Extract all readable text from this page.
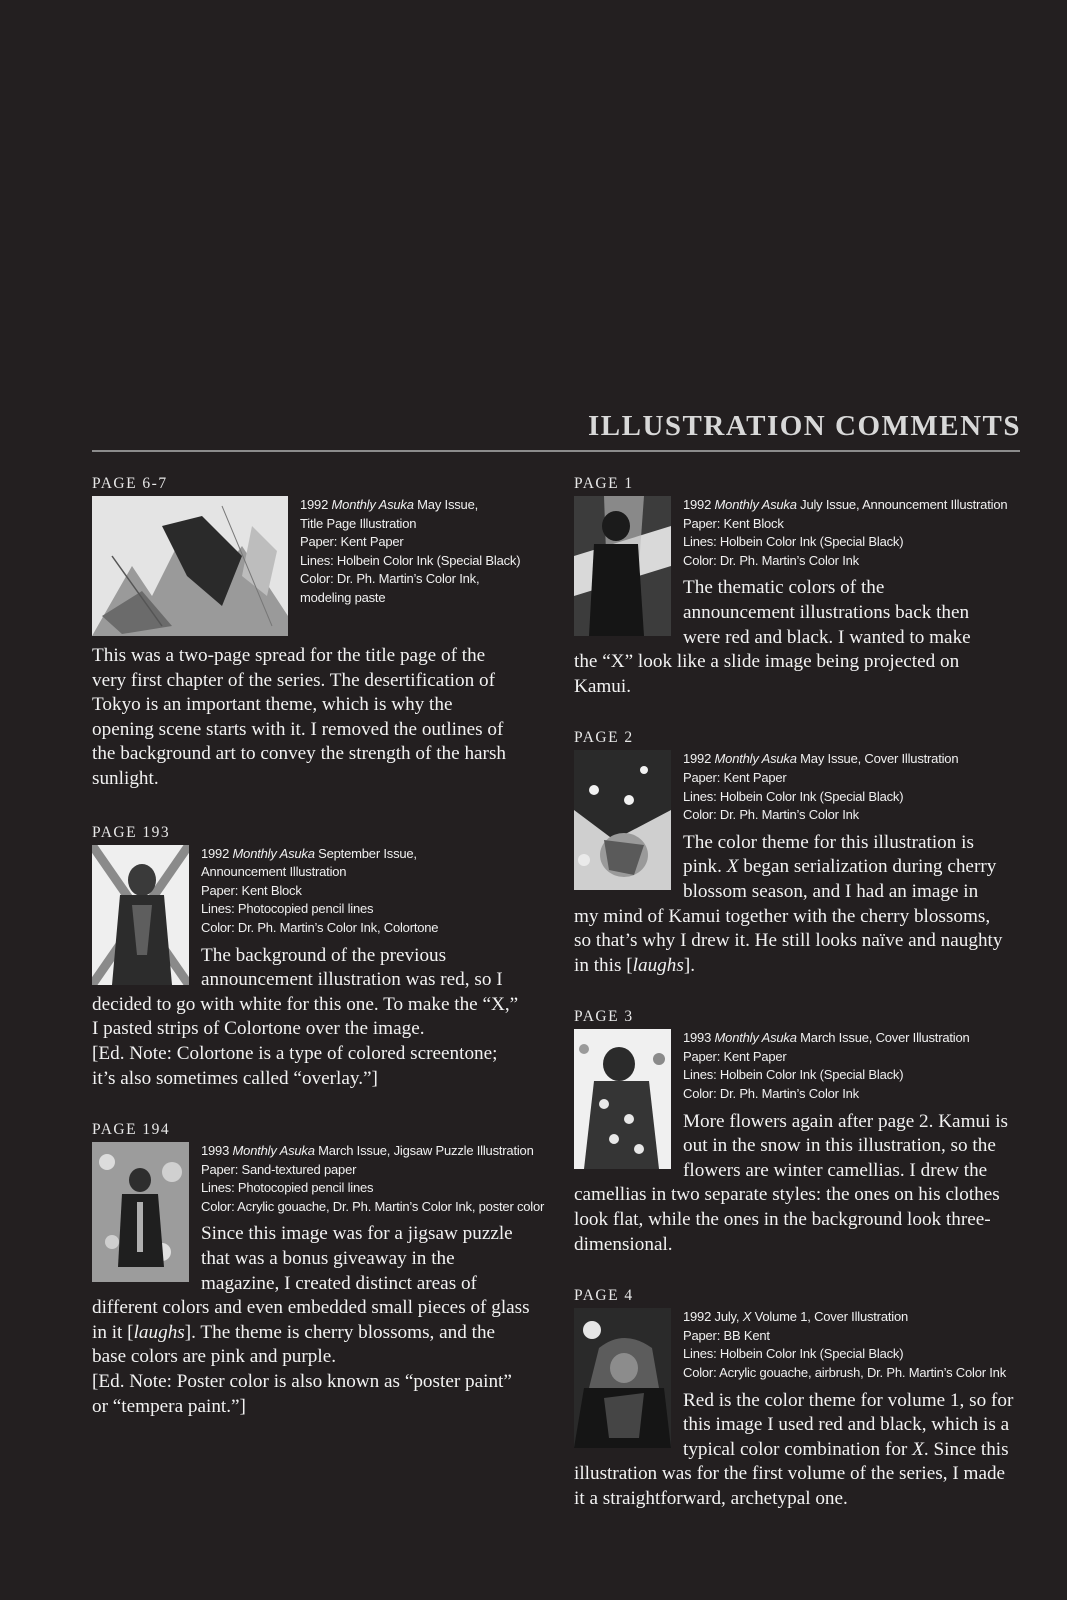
ILLUSTRATION COMMENTS
PAGE 6-7
1992 Monthly Asuka May Issue,
Title Page Illustration
Paper: Kent Paper
Lines: Holbein Color Ink (Special Black)
Color: Dr. Ph. Martin’s Color Ink,
modeling paste

This was a two-page spread for the title page of the very first chapter of the series. The desertification of Tokyo is an important theme, which is why the opening scene starts with it. I removed the outlines of the background art to convey the strength of the harsh sunlight.

PAGE 193
1992 Monthly Asuka September Issue,
Announcement Illustration
Paper: Kent Block
Lines: Photocopied pencil lines
Color: Dr. Ph. Martin’s Color Ink, Colortone

The background of the previous announcement illustration was red, so I decided to go with white for this one. To make the “X,” I pasted strips of Colortone over the image.

[Ed. Note: Colortone is a type of colored screentone; it’s also sometimes called “overlay.”]
PAGE 194
1993 Monthly Asuka March Issue, Jigsaw Puzzle Illustration
Paper: Sand-textured paper
Lines: Photocopied pencil lines
Color: Acrylic gouache, Dr. Ph. Martin’s Color Ink, poster color

Since this image was for a jigsaw puzzle that was a bonus giveaway in the magazine, I created distinct areas of different colors and even embedded small pieces of glass in it [laughs]. The theme is cherry blossoms, and the base colors are pink and purple.

[Ed. Note: Poster color is also known as “poster paint” or “tempera paint.”]
PAGE 1
1992 Monthly Asuka July Issue, Announcement Illustration
Paper: Kent Block
Lines: Holbein Color Ink (Special Black)
Color: Dr. Ph. Martin’s Color Ink

The thematic colors of the announcement illustrations back then were red and black. I wanted to make the “X” look like a slide image being projected on Kamui.

PAGE 2
1992 Monthly Asuka May Issue, Cover Illustration
Paper: Kent Paper
Lines: Holbein Color Ink (Special Black)
Color: Dr. Ph. Martin’s Color Ink

The color theme for this illustration is pink. X began serialization during cherry blossom season, and I had an image in my mind of Kamui together with the cherry blossoms, so that’s why I drew it. He still looks naïve and naughty in this [laughs].

PAGE 3
1993 Monthly Asuka March Issue, Cover Illustration
Paper: Kent Paper
Lines: Holbein Color Ink (Special Black)
Color: Dr. Ph. Martin’s Color Ink

More flowers again after page 2. Kamui is out in the snow in this illustration, so the flowers are winter camellias. I drew the camellias in two separate styles: the ones on his clothes look flat, while the ones in the background look three-dimensional.

PAGE 4
1992 July, X Volume 1, Cover Illustration
Paper: BB Kent
Lines: Holbein Color Ink (Special Black)
Color: Acrylic gouache, airbrush, Dr. Ph. Martin’s Color Ink

Red is the color theme for volume 1, so for this image I used red and black, which is a typical color combination for X. Since this illustration was for the first volume of the series, I made it a straightforward, archetypal one.
